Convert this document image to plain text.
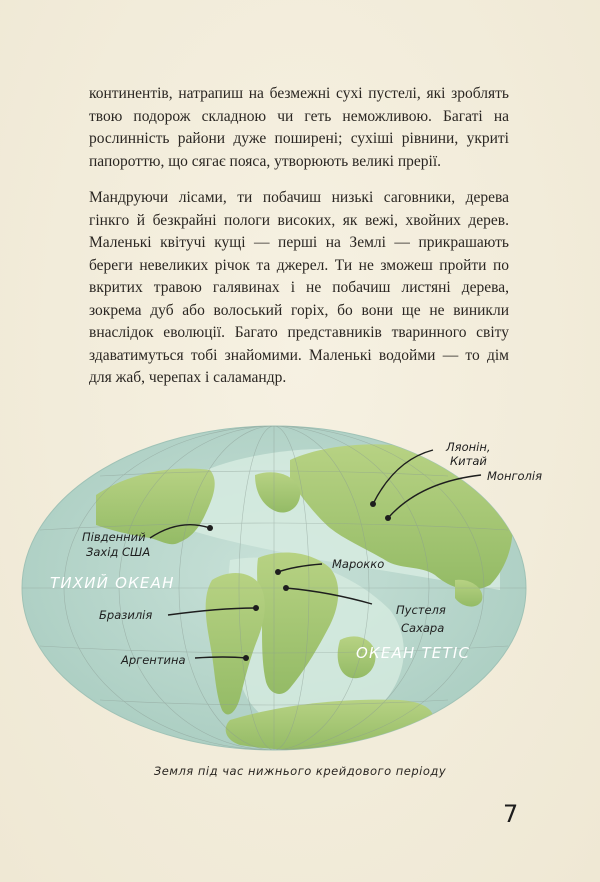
континентів, натрапиш на безмежні сухі пустелі, які зроблять твою подорож складною чи геть неможливою. Багаті на рослинність райони дуже поширені; сухіші рівнини, укриті папороттю, що сягає пояса, утворюють великі прерії.

Мандруючи лісами, ти побачиш низькі саговники, дерева гінкго й безкрайні пологи високих, як вежі, хвойних дерев. Маленькі квітучі кущі — перші на Землі — прикрашають береги невеликих річок та джерел. Ти не зможеш пройти по вкритих травою галявинах і не побачиш листяні дерева, зокрема дуб або волоський горіх, бо вони ще не виникли внаслідок еволюції. Багато представників тваринного світу здаватимуться тобі знайомими. Маленькі водойми — то дім для жаб, черепах і саламандр.

Ляонін,
Китай
Монголія
Південний
Захід США
Марокко
Бразилія	Пустеля
Сахара
Аргентина
ТИХИЙ ОКЕАН
ОКЕАН ТЕТІС
Земля під час нижнього крейдового періоду
7
